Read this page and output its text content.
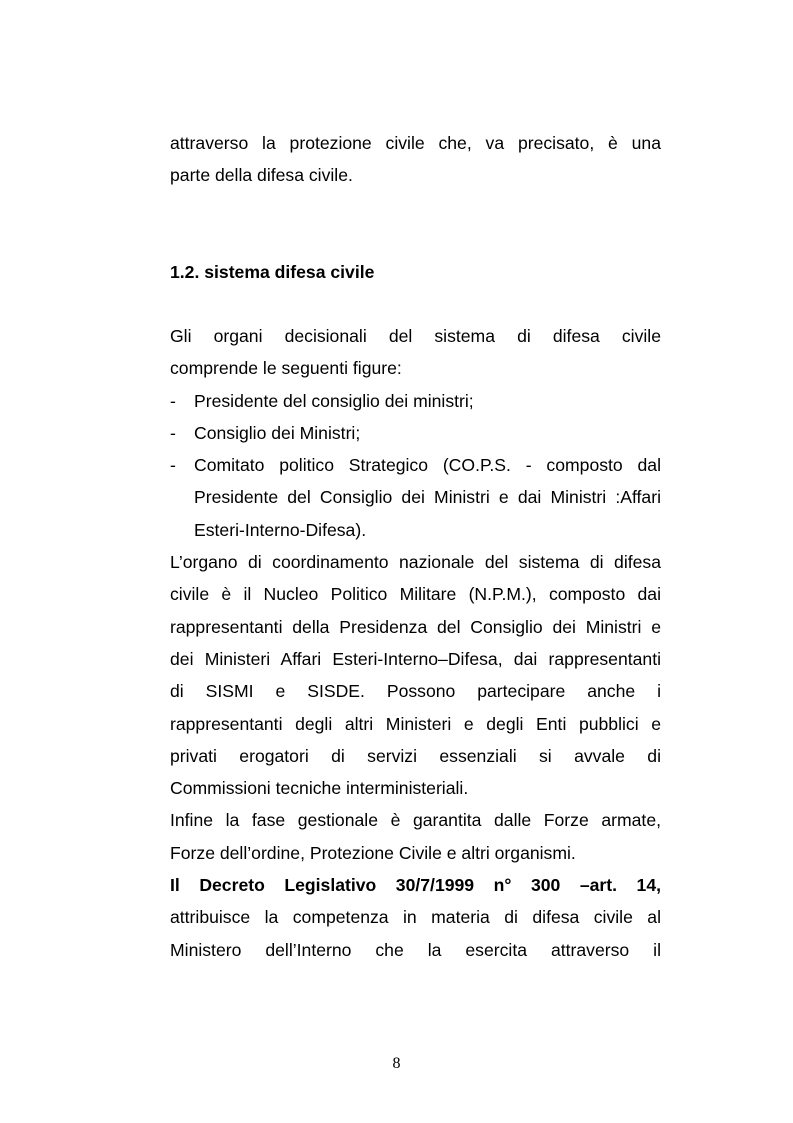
attraverso la protezione civile che, va precisato, è una
parte della difesa civile.
1.2. sistema difesa civile
Gli organi decisionali del sistema di difesa civile
comprende le seguenti figure:
-	Presidente del consiglio dei ministri;
-	Consiglio dei Ministri;
-	Comitato politico Strategico (CO.P.S. - composto dal
Presidente del Consiglio dei Ministri e dai Ministri :Affari
Esteri-Interno-Difesa).
L’organo di coordinamento nazionale del sistema di difesa
civile è il Nucleo Politico Militare (N.P.M.), composto dai
rappresentanti della Presidenza del Consiglio dei Ministri e
dei Ministeri Affari Esteri-Interno–Difesa, dai rappresentanti
di SISMI e SISDE. Possono partecipare anche i
rappresentanti degli altri Ministeri e degli Enti pubblici e
privati erogatori di servizi essenziali si avvale di
Commissioni tecniche interministeriali.
Infine la fase gestionale è garantita dalle Forze armate,
Forze dell’ordine, Protezione Civile e altri organismi.
Il Decreto Legislativo 30/7/1999 n° 300 –art. 14,
attribuisce la competenza in materia di difesa civile al
Ministero dell’Interno che la esercita attraverso il
8
